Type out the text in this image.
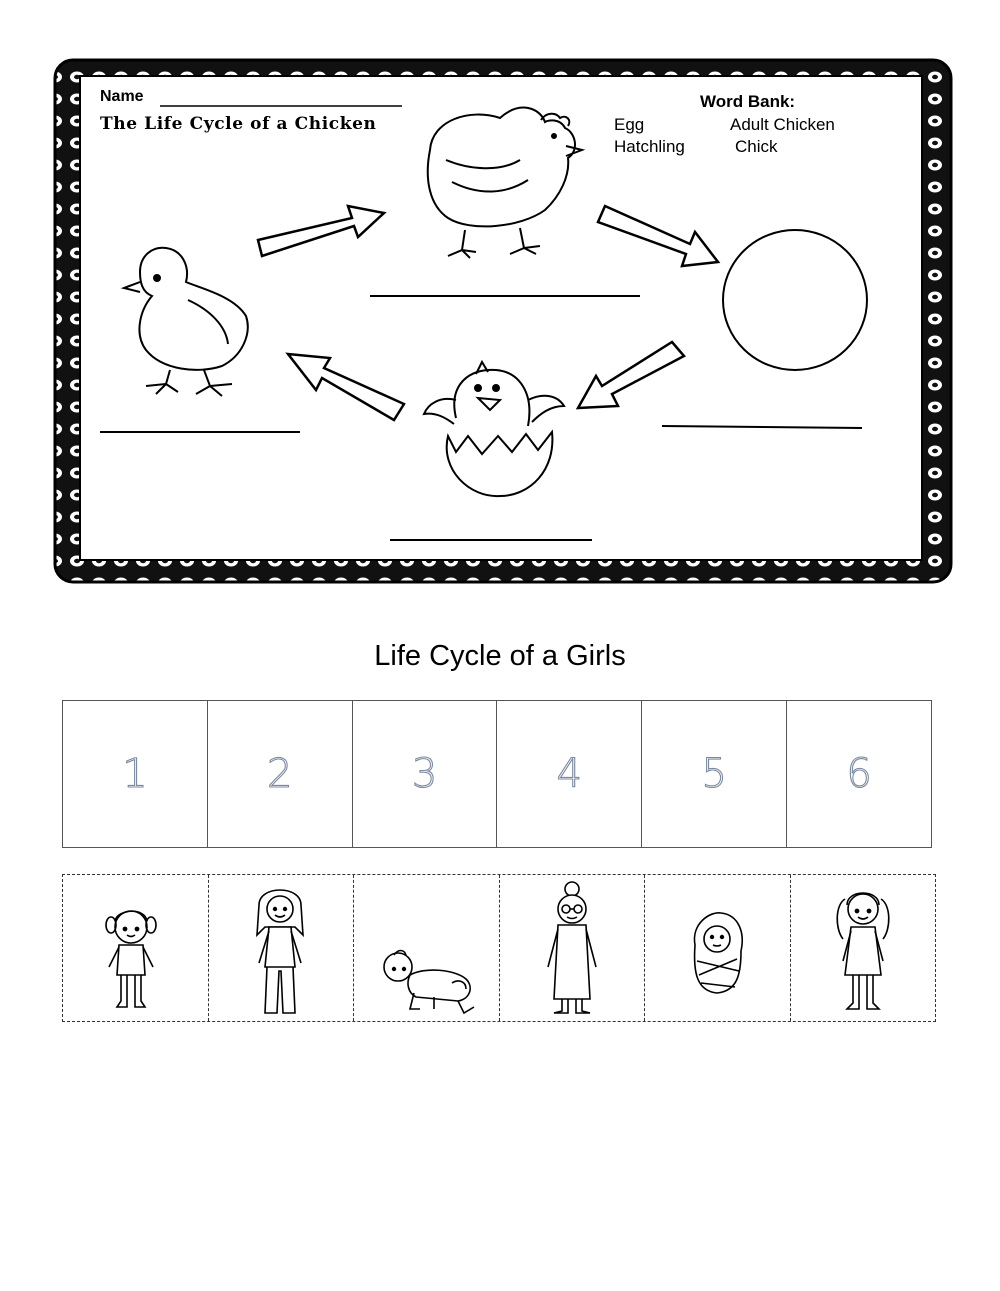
Name
The Life Cycle of a Chicken
Word Bank:
Egg	Adult Chicken
Hatchling	Chick
Life Cycle of a Girls
1	2	3	4	5	6
